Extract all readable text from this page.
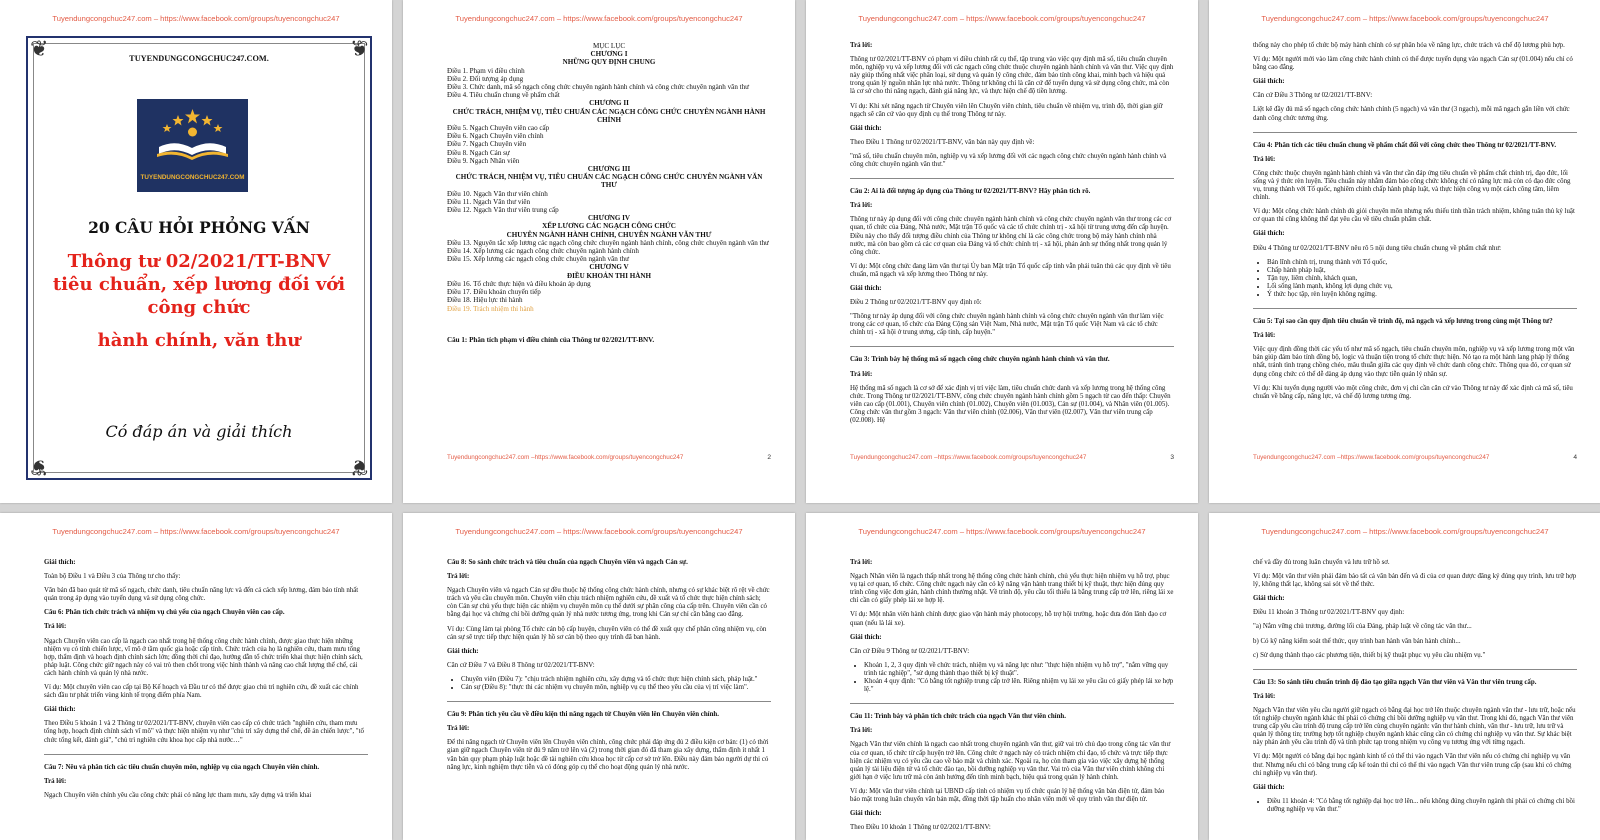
Tuyendungcongchuc247.com – https://www.facebook.com/groups/tuyencongchuc247
❦	❦
❦	❦
TUYENDUNGCONGCHUC247.COM.
TUYENDUNGCONGCHUC247.COM
20 CÂU HỎI PHỎNG VẤN
Thông tư 02/2021/TT-BNV
tiêu chuẩn, xếp lương đối với
công chức
hành chính, văn thư
Có đáp án và giải thích
Tuyendungcongchuc247.com – https://www.facebook.com/groups/tuyencongchuc247
MỤC LỤC
CHƯƠNG I
NHỮNG QUY ĐỊNH CHUNG
Điều 1. Phạm vi điều chỉnh
Điều 2. Đối tượng áp dụng
Điều 3. Chức danh, mã số ngạch công chức chuyên ngành hành chính và công chức chuyên ngành văn thư
Điều 4. Tiêu chuẩn chung về phẩm chất
CHƯƠNG II
CHỨC TRÁCH, NHIỆM VỤ, TIÊU CHUẨN CÁC NGẠCH CÔNG CHỨC CHUYÊN NGÀNH HÀNH CHÍNH
Điều 5. Ngạch Chuyên viên cao cấp
Điều 6. Ngạch Chuyên viên chính
Điều 7. Ngạch Chuyên viên
Điều 8. Ngạch Cán sự
Điều 9. Ngạch Nhân viên
CHƯƠNG III
CHỨC TRÁCH, NHIỆM VỤ, TIÊU CHUẨN CÁC NGẠCH CÔNG CHỨC CHUYÊN NGÀNH VĂN THƯ
Điều 10. Ngạch Văn thư viên chính
Điều 11. Ngạch Văn thư viên
Điều 12. Ngạch Văn thư viên trung cấp
CHƯƠNG IV
XẾP LƯƠNG CÁC NGẠCH CÔNG CHỨC
CHUYÊN NGÀNH HÀNH CHÍNH, CHUYÊN NGÀNH VĂN THƯ
Điều 13. Nguyên tắc xếp lương các ngạch công chức chuyên ngành hành chính, công chức chuyên ngành văn thư
Điều 14. Xếp lương các ngạch công chức chuyên ngành hành chính
Điều 15. Xếp lương các ngạch công chức chuyên ngành văn thư
CHƯƠNG V
ĐIỀU KHOẢN THI HÀNH
Điều 16. Tổ chức thực hiện và điều khoản áp dụng
Điều 17. Điều khoản chuyển tiếp
Điều 18. Hiệu lực thi hành
Điều 19. Trách nhiệm thi hành
Câu 1: Phân tích phạm vi điều chỉnh của Thông tư 02/2021/TT-BNV.
Tuyendungcongchuc247.com –https://www.facebook.com/groups/tuyencongchuc247	2
Tuyendungcongchuc247.com – https://www.facebook.com/groups/tuyencongchuc247

Trả lời:

Thông tư 02/2021/TT-BNV có phạm vi điều chỉnh rất cụ thể, tập trung vào việc quy định mã số, tiêu chuẩn chuyên môn, nghiệp vụ và xếp lương đối với các ngạch công chức thuộc chuyên ngành hành chính và văn thư. Việc quy định này giúp thống nhất việc phân loại, sử dụng và quản lý công chức, đảm bảo tính công khai, minh bạch và hiệu quả trong quản lý nguồn nhân lực nhà nước. Thông tư không chỉ là căn cứ để tuyển dụng và sử dụng công chức, mà còn là cơ sở cho thi nâng ngạch, đánh giá năng lực, và thực hiện chế độ tiền lương.

Ví dụ: Khi xét nâng ngạch từ Chuyên viên lên Chuyên viên chính, tiêu chuẩn về nhiệm vụ, trình độ, thời gian giữ ngạch sẽ căn cứ vào quy định cụ thể trong Thông tư này.

Giải thích:

Theo Điều 1 Thông tư 02/2021/TT-BNV, văn bản này quy định về:

"mã số, tiêu chuẩn chuyên môn, nghiệp vụ và xếp lương đối với các ngạch công chức chuyên ngành hành chính và công chức chuyên ngành văn thư."

Câu 2: Ai là đối tượng áp dụng của Thông tư 02/2021/TT-BNV? Hãy phân tích rõ.

Trả lời:

Thông tư này áp dụng đối với công chức chuyên ngành hành chính và công chức chuyên ngành văn thư trong các cơ quan, tổ chức của Đảng, Nhà nước, Mặt trận Tổ quốc và các tổ chức chính trị - xã hội từ trung ương đến cấp huyện. Điều này cho thấy đối tượng điều chỉnh của Thông tư không chỉ là các công chức trong bộ máy hành chính nhà nước, mà còn bao gồm cả các cơ quan của Đảng và tổ chức chính trị - xã hội, phản ánh sự thống nhất trong quản lý công chức.

Ví dụ: Một công chức đang làm văn thư tại Ủy ban Mặt trận Tổ quốc cấp tỉnh vẫn phải tuân thủ các quy định về tiêu chuẩn, mã ngạch và xếp lương theo Thông tư này.

Giải thích:

Điều 2 Thông tư 02/2021/TT-BNV quy định rõ:

"Thông tư này áp dụng đối với công chức chuyên ngành hành chính và công chức chuyên ngành văn thư làm việc trong các cơ quan, tổ chức của Đảng Cộng sản Việt Nam, Nhà nước, Mặt trận Tổ quốc Việt Nam và các tổ chức chính trị - xã hội ở trung ương, cấp tỉnh, cấp huyện."

Câu 3: Trình bày hệ thống mã số ngạch công chức chuyên ngành hành chính và văn thư.

Trả lời:

Hệ thống mã số ngạch là cơ sở để xác định vị trí việc làm, tiêu chuẩn chức danh và xếp lương trong hệ thống công chức. Trong Thông tư 02/2021/TT-BNV, công chức chuyên ngành hành chính gồm 5 ngạch từ cao đến thấp: Chuyên viên cao cấp (01.001), Chuyên viên chính (01.002), Chuyên viên (01.003), Cán sự (01.004), và Nhân viên (01.005). Công chức văn thư gồm 3 ngạch: Văn thư viên chính (02.006), Văn thư viên (02.007), Văn thư viên trung cấp (02.008). Hệ

Tuyendungcongchuc247.com –https://www.facebook.com/groups/tuyencongchuc247	3
Tuyendungcongchuc247.com – https://www.facebook.com/groups/tuyencongchuc247

thống này cho phép tổ chức bộ máy hành chính có sự phân hóa về năng lực, chức trách và chế độ lương phù hợp.

Ví dụ: Một người mới vào làm công chức hành chính có thể được tuyển dụng vào ngạch Cán sự (01.004) nếu chỉ có bằng cao đẳng.

Giải thích:

Căn cứ Điều 3 Thông tư 02/2021/TT-BNV:

Liệt kê đầy đủ mã số ngạch công chức hành chính (5 ngạch) và văn thư (3 ngạch), mỗi mã ngạch gắn liền với chức danh công chức tương ứng.

Câu 4: Phân tích các tiêu chuẩn chung về phẩm chất đối với công chức theo Thông tư 02/2021/TT-BNV.

Trả lời:

Công chức thuộc chuyên ngành hành chính và văn thư cần đáp ứng tiêu chuẩn về phẩm chất chính trị, đạo đức, lối sống và ý thức rèn luyện. Tiêu chuẩn này nhằm đảm bảo công chức không chỉ có năng lực mà còn có đạo đức công vụ, trung thành với Tổ quốc, nghiêm chỉnh chấp hành pháp luật, và thực hiện công vụ một cách công tâm, liêm chính.

Ví dụ: Một công chức hành chính dù giỏi chuyên môn nhưng nếu thiếu tinh thần trách nhiệm, không tuân thủ kỷ luật cơ quan thì cũng không thể đạt yêu cầu về tiêu chuẩn phẩm chất.

Giải thích:

Điều 4 Thông tư 02/2021/TT-BNV nêu rõ 5 nội dung tiêu chuẩn chung về phẩm chất như:

• Bản lĩnh chính trị, trung thành với Tổ quốc,
• Chấp hành pháp luật,
• Tận tụy, liêm chính, khách quan,
• Lối sống lành mạnh, không lợi dụng chức vụ,
• Ý thức học tập, rèn luyện không ngừng.

Câu 5: Tại sao cần quy định tiêu chuẩn về trình độ, mã ngạch và xếp lương trong cùng một Thông tư?

Trả lời:

Việc quy định đồng thời các yếu tố như mã số ngạch, tiêu chuẩn chuyên môn, nghiệp vụ và xếp lương trong một văn bản giúp đảm bảo tính đồng bộ, logic và thuận tiện trong tổ chức thực hiện. Nó tạo ra một hành lang pháp lý thống nhất, tránh tình trạng chồng chéo, mâu thuẫn giữa các quy định về chức danh công chức. Thông qua đó, cơ quan sử dụng công chức có thể dễ dàng áp dụng vào thực tiễn quản lý nhân sự.

Ví dụ: Khi tuyển dụng người vào một công chức, đơn vị chỉ cần căn cứ vào Thông tư này để xác định cả mã số, tiêu chuẩn về bằng cấp, năng lực, và chế độ lương tương ứng.

Tuyendungcongchuc247.com –https://www.facebook.com/groups/tuyencongchuc247	4
Tuyendungcongchuc247.com – https://www.facebook.com/groups/tuyencongchuc247

Giải thích:

Toàn bộ Điều 1 và Điều 3 của Thông tư cho thấy:

Văn bản đã bao quát từ mã số ngạch, chức danh, tiêu chuẩn năng lực và đến cả cách xếp lương, đảm bảo tính nhất quán trong áp dụng vào tuyển dụng và sử dụng công chức.

Câu 6: Phân tích chức trách và nhiệm vụ chủ yếu của ngạch Chuyên viên cao cấp.

Trả lời:

Ngạch Chuyên viên cao cấp là ngạch cao nhất trong hệ thống công chức hành chính, được giao thực hiện những nhiệm vụ có tính chiến lược, vĩ mô ở tầm quốc gia hoặc cấp tỉnh. Chức trách của họ là nghiên cứu, tham mưu tổng hợp, thẩm định và hoạch định chính sách lớn; đồng thời chỉ đạo, hướng dẫn tổ chức triển khai thực hiện chính sách, pháp luật. Công chức giữ ngạch này có vai trò then chốt trong việc hình thành và nâng cao chất lượng thể chế, cải cách hành chính và quản lý nhà nước.

Ví dụ: Một chuyên viên cao cấp tại Bộ Kế hoạch và Đầu tư có thể được giao chủ trì nghiên cứu, đề xuất các chính sách đầu tư phát triển vùng kinh tế trọng điểm phía Nam.

Giải thích:

Theo Điều 5 khoản 1 và 2 Thông tư 02/2021/TT-BNV, chuyên viên cao cấp có chức trách "nghiên cứu, tham mưu tổng hợp, hoạch định chính sách vĩ mô" và thực hiện nhiệm vụ như "chủ trì xây dựng thể chế, đề án chiến lược", "tổ chức tổng kết, đánh giá", "chủ trì nghiên cứu khoa học cấp nhà nước…"

Câu 7: Nêu và phân tích các tiêu chuẩn chuyên môn, nghiệp vụ của ngạch Chuyên viên chính.

Trả lời:

Ngạch Chuyên viên chính yêu cầu công chức phải có năng lực tham mưu, xây dựng và triển khai

Tuyendungcongchuc247.com – https://www.facebook.com/groups/tuyencongchuc247

Câu 8: So sánh chức trách và tiêu chuẩn của ngạch Chuyên viên và ngạch Cán sự.

Trả lời:

Ngạch Chuyên viên và ngạch Cán sự đều thuộc hệ thống công chức hành chính, nhưng có sự khác biệt rõ rệt về chức trách và yêu cầu chuyên môn. Chuyên viên chịu trách nhiệm nghiên cứu, đề xuất và tổ chức thực hiện chính sách; còn Cán sự chủ yếu thực hiện các nhiệm vụ chuyên môn cụ thể dưới sự phân công của cấp trên. Chuyên viên cần có bằng đại học và chứng chỉ bồi dưỡng quản lý nhà nước tương ứng, trong khi Cán sự chỉ cần bằng cao đẳng.

Ví dụ: Cùng làm tại phòng Tổ chức cán bộ cấp huyện, chuyên viên có thể đề xuất quy chế phân công nhiệm vụ, còn cán sự sẽ trực tiếp thực hiện quản lý hồ sơ cán bộ theo quy trình đã ban hành.

Giải thích:

Căn cứ Điều 7 và Điều 8 Thông tư 02/2021/TT-BNV:

• Chuyên viên (Điều 7): "chịu trách nhiệm nghiên cứu, xây dựng và tổ chức thực hiện chính sách, pháp luật."
• Cán sự (Điều 8): "thực thi các nhiệm vụ chuyên môn, nghiệp vụ cụ thể theo yêu cầu của vị trí việc làm".

Câu 9: Phân tích yêu cầu về điều kiện thi nâng ngạch từ Chuyên viên lên Chuyên viên chính.

Trả lời:

Để thi nâng ngạch từ Chuyên viên lên Chuyên viên chính, công chức phải đáp ứng đủ 2 điều kiện cơ bản: (1) có thời gian giữ ngạch Chuyên viên từ đủ 9 năm trở lên và (2) trong thời gian đó đã tham gia xây dựng, thẩm định ít nhất 1 văn bản quy phạm pháp luật hoặc đề tài nghiên cứu khoa học từ cấp cơ sở trở lên. Điều này đảm bảo người dự thi có năng lực, kinh nghiệm thực tiễn và có đóng góp cụ thể cho hoạt động quản lý nhà nước.

Tuyendungcongchuc247.com – https://www.facebook.com/groups/tuyencongchuc247

Trả lời:

Ngạch Nhân viên là ngạch thấp nhất trong hệ thống công chức hành chính, chủ yếu thực hiện nhiệm vụ hỗ trợ, phục vụ tại cơ quan, tổ chức. Công chức ngạch này cần có kỹ năng vận hành trang thiết bị kỹ thuật, thực hiện đúng quy trình công việc đơn giản, hành chính thường nhật. Về trình độ, yêu cầu tối thiểu là bằng trung cấp trở lên, riêng lái xe chỉ cần có giấy phép lái xe hợp lệ.

Ví dụ: Một nhân viên hành chính được giao vận hành máy photocopy, hỗ trợ hội trường, hoặc đưa đón lãnh đạo cơ quan (nếu là lái xe).

Giải thích:

Căn cứ Điều 9 Thông tư 02/2021/TT-BNV:

• Khoản 1, 2, 3 quy định về chức trách, nhiệm vụ và năng lực như: "thực hiện nhiệm vụ hỗ trợ", "nắm vững quy trình tác nghiệp", "sử dụng thành thạo thiết bị kỹ thuật".
• Khoản 4 quy định: "Có bằng tốt nghiệp trung cấp trở lên. Riêng nhiệm vụ lái xe yêu cầu có giấy phép lái xe hợp lệ."

Câu 11: Trình bày và phân tích chức trách của ngạch Văn thư viên chính.

Trả lời:

Ngạch Văn thư viên chính là ngạch cao nhất trong chuyên ngành văn thư, giữ vai trò chủ đạo trong công tác văn thư của cơ quan, tổ chức từ cấp huyện trở lên. Công chức ở ngạch này có trách nhiệm chỉ đạo, tổ chức và trực tiếp thực hiện các nhiệm vụ có yêu cầu cao về bảo mật và chính xác. Ngoài ra, họ còn tham gia vào việc xây dựng hệ thống quản lý tài liệu điện tử và tổ chức đào tạo, bồi dưỡng nghiệp vụ văn thư. Vai trò của Văn thư viên chính không chỉ giới hạn ở việc lưu trữ mà còn ảnh hưởng đến tính minh bạch, hiệu quả trong quản lý hành chính.

Ví dụ: Một văn thư viên chính tại UBND cấp tỉnh có nhiệm vụ tổ chức quản lý hệ thống văn bản điện tử, đảm bảo bảo mật trong luân chuyển văn bản mật, đồng thời tập huấn cho nhân viên mới về quy trình văn thư điện tử.

Giải thích:

Theo Điều 10 khoản 1 Thông tư 02/2021/TT-BNV:

Tuyendungcongchuc247.com – https://www.facebook.com/groups/tuyencongchuc247

chế và đầy đủ trong luân chuyển và lưu trữ hồ sơ.

Ví dụ: Một văn thư viên phải đảm bảo tất cả văn bản đến và đi của cơ quan được đăng ký đúng quy trình, lưu trữ hợp lý, không thất lạc, không sai sót về thể thức.

Giải thích:

Điều 11 khoản 3 Thông tư 02/2021/TT-BNV quy định:

"a) Nắm vững chủ trương, đường lối của Đảng, pháp luật về công tác văn thư...

b) Có kỹ năng kiểm soát thể thức, quy trình ban hành văn bản hành chính...

c) Sử dụng thành thạo các phương tiện, thiết bị kỹ thuật phục vụ yêu cầu nhiệm vụ."

Câu 13: So sánh tiêu chuẩn trình độ đào tạo giữa ngạch Văn thư viên và Văn thư viên trung cấp.

Trả lời:

Ngạch Văn thư viên yêu cầu người giữ ngạch có bằng đại học trở lên thuộc chuyên ngành văn thư - lưu trữ, hoặc nếu tốt nghiệp chuyên ngành khác thì phải có chứng chỉ bồi dưỡng nghiệp vụ văn thư. Trong khi đó, ngạch Văn thư viên trung cấp yêu cầu trình độ trung cấp trở lên cùng chuyên ngành: văn thư hành chính, văn thư - lưu trữ, lưu trữ và quản lý thông tin; trường hợp tốt nghiệp chuyên ngành khác cũng cần có chứng chỉ nghiệp vụ văn thư. Sự khác biệt này phản ánh yêu cầu trình độ và tính phức tạp trong nhiệm vụ công vụ tương ứng với từng ngạch.

Ví dụ: Một người có bằng đại học ngành kinh tế có thể thi vào ngạch Văn thư viên nếu có chứng chỉ nghiệp vụ văn thư. Nhưng nếu chỉ có bằng trung cấp kế toán thì chỉ có thể thi vào ngạch Văn thư viên trung cấp (sau khi có chứng chỉ nghiệp vụ văn thư).

Giải thích:

• Điều 11 khoản 4: "Có bằng tốt nghiệp đại học trở lên... nếu không đúng chuyên ngành thì phải có chứng chỉ bồi dưỡng nghiệp vụ văn thư."
